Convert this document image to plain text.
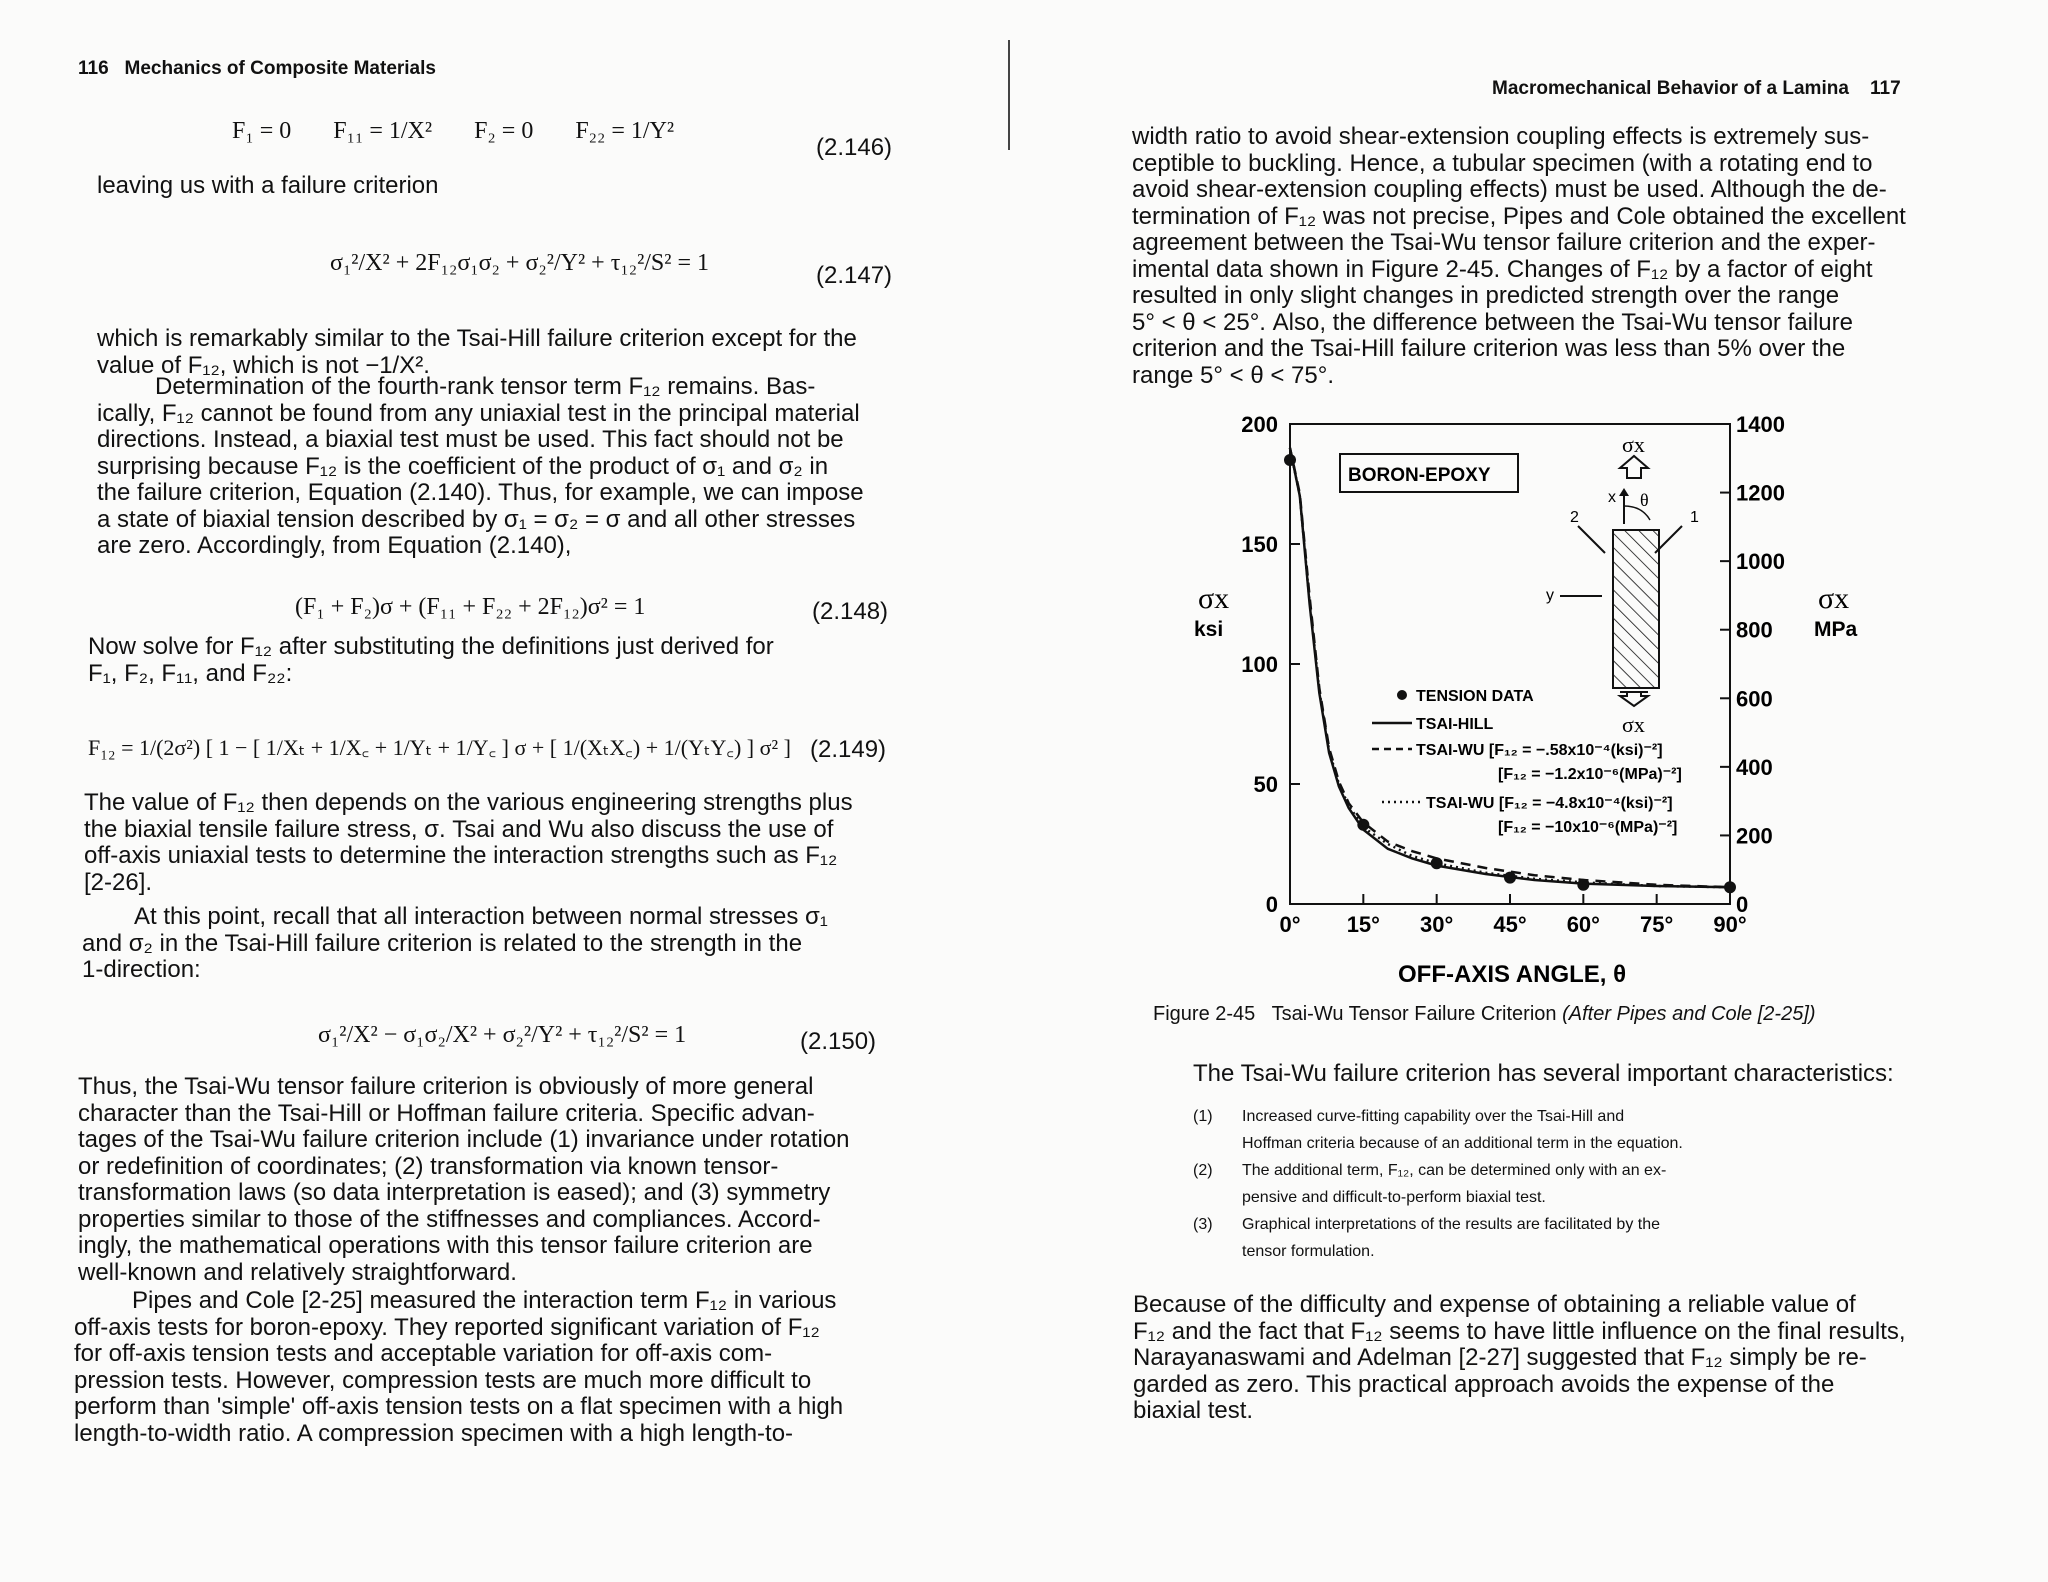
116 Mechanics of Composite Materials
F₁ = 0 F₁₁ = 1/X² F₂ = 0 F₂₂ = 1/Y²
(2.146)
leaving us with a failure criterion
σ₁²/X² + 2F₁₂σ₁σ₂ + σ₂²/Y² + τ₁₂²/S² = 1	(2.147)
which is remarkably similar to the Tsai-Hill failure criterion except for the
value of F₁₂, which is not −1/X².
Determination of the fourth-rank tensor term F₁₂ remains. Bas-
ically, F₁₂ cannot be found from any uniaxial test in the principal material
directions. Instead, a biaxial test must be used. This fact should not be
surprising because F₁₂ is the coefficient of the product of σ₁ and σ₂ in
the failure criterion, Equation (2.140). Thus, for example, we can impose
a state of biaxial tension described by σ₁ = σ₂ = σ and all other stresses
are zero. Accordingly, from Equation (2.140),
(F₁ + F₂)σ + (F₁₁ + F₂₂ + 2F₁₂)σ² = 1	(2.148)
Now solve for F₁₂ after substituting the definitions just derived for
F₁, F₂, F₁₁, and F₂₂:
F₁₂ = 1/(2σ²) [ 1 − [ 1/Xₜ + 1/X꜀ + 1/Yₜ + 1/Y꜀ ] σ + [ 1/(XₜX꜀) + 1/(YₜY꜀) ] σ² ] (2.149)
The value of F₁₂ then depends on the various engineering strengths plus
the biaxial tensile failure stress, σ. Tsai and Wu also discuss the use of
off-axis uniaxial tests to determine the interaction strengths such as F₁₂
[2-26].
At this point, recall that all interaction between normal stresses σ₁
and σ₂ in the Tsai-Hill failure criterion is related to the strength in the
1-direction:
σ₁²/X² − σ₁σ₂/X² + σ₂²/Y² + τ₁₂²/S² = 1	(2.150)
Thus, the Tsai-Wu tensor failure criterion is obviously of more general
character than the Tsai-Hill or Hoffman failure criteria. Specific advan-
tages of the Tsai-Wu failure criterion include (1) invariance under rotation
or redefinition of coordinates; (2) transformation via known tensor-
transformation laws (so data interpretation is eased); and (3) symmetry
properties similar to those of the stiffnesses and compliances. Accord-
ingly, the mathematical operations with this tensor failure criterion are
well-known and relatively straightforward.
Pipes and Cole [2-25] measured the interaction term F₁₂ in various
off-axis tests for boron-epoxy. They reported significant variation of F₁₂
for off-axis tension tests and acceptable variation for off-axis com-
pression tests. However, compression tests are much more difficult to
perform than 'simple' off-axis tension tests on a flat specimen with a high
length-to-width ratio. A compression specimen with a high length-to-
Macromechanical Behavior of a Lamina 117
width ratio to avoid shear-extension coupling effects is extremely sus-
ceptible to buckling. Hence, a tubular specimen (with a rotating end to
avoid shear-extension coupling effects) must be used. Although the de-
termination of F₁₂ was not precise, Pipes and Cole obtained the excellent
agreement between the Tsai-Wu tensor failure criterion and the exper-
imental data shown in Figure 2-45. Changes of F₁₂ by a factor of eight
resulted in only slight changes in predicted strength over the range
5° < θ < 25°. Also, the difference between the Tsai-Wu tensor failure
criterion and the Tsai-Hill failure criterion was less than 5% over the
range 5° < θ < 75°.
0° 15° 30° 45° 60° 75° 90°
0
50
100
150
200
0
200
400
600
800
1000
1200
1400
σx
ksi
σx
MPa
OFF-AXIS ANGLE, θ
BORON-EPOXY
σx
x θ
2	1
y
σx
TENSION DATA
TSAI-HILL
TSAI-WU [F₁₂ = −.58x10⁻⁴(ksi)⁻²]
[F₁₂ = −1.2x10⁻⁶(MPa)⁻²]
TSAI-WU [F₁₂ = −4.8x10⁻⁴(ksi)⁻²]
[F₁₂ = −10x10⁻⁶(MPa)⁻²]
Figure 2-45 Tsai-Wu Tensor Failure Criterion (After Pipes and Cole [2-25])
The Tsai-Wu failure criterion has several important characteristics:
(1) Increased curve-fitting capability over the Tsai-Hill and
Hoffman criteria because of an additional term in the equation.
(2) The additional term, F₁₂, can be determined only with an ex-
pensive and difficult-to-perform biaxial test.
(3) Graphical interpretations of the results are facilitated by the
tensor formulation.
Because of the difficulty and expense of obtaining a reliable value of
F₁₂ and the fact that F₁₂ seems to have little influence on the final results,
Narayanaswami and Adelman [2-27] suggested that F₁₂ simply be re-
garded as zero. This practical approach avoids the expense of the
biaxial test.
